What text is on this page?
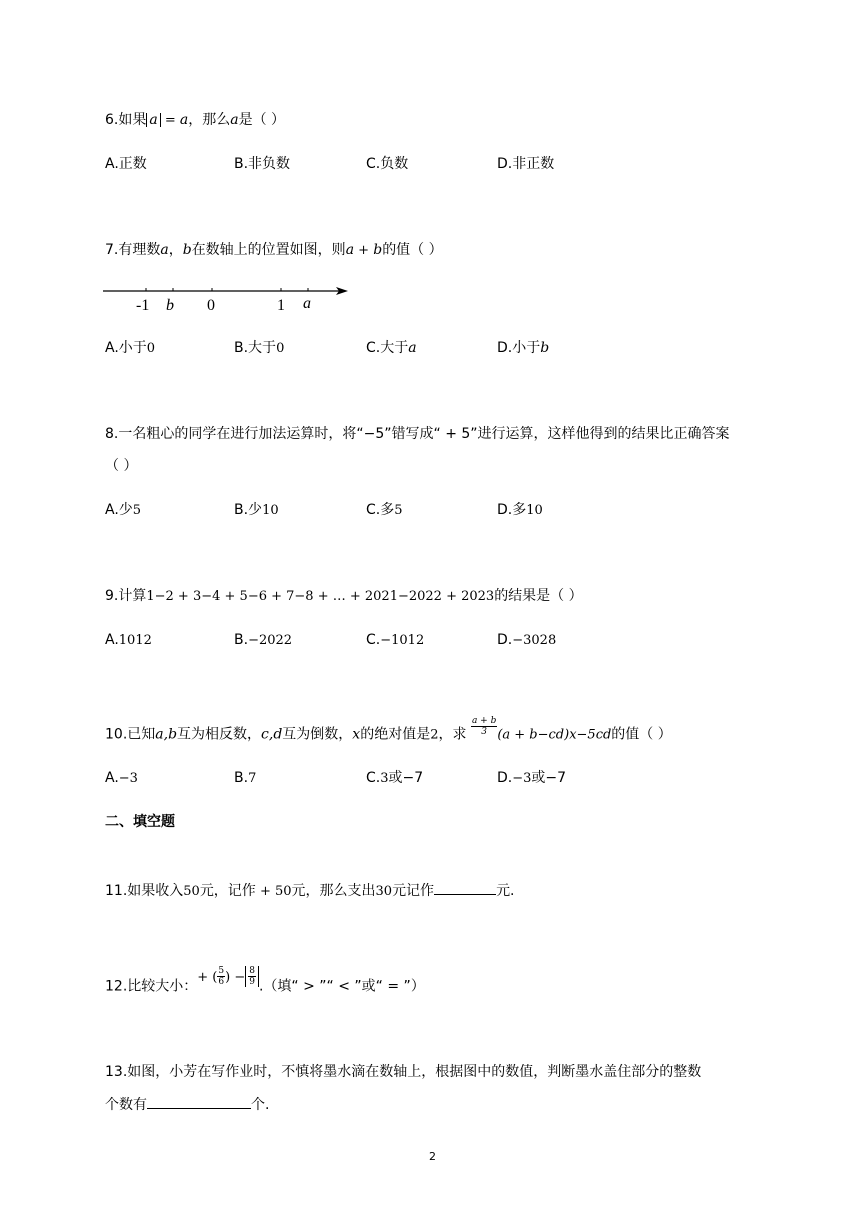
6.如果 a = a，那么a是（ ）
A.正数	B.非负数	C.负数	D.非正数
7.有理数a，b在数轴上的位置如图，则a + b的值（ ）
-1 b 0	1 a
A.小于0	B.大于0	C.大于a	D.小于b
8.一名粗心的同学在进行加法运算时，将“−5”错写成“ + 5”进行运算，这样他得到的结果比正确答案
（ ）
A.少5	B.少10	C.多5	D.多10
9.计算1−2 + 3−4 + 5−6 + 7−8 + … + 2021−2022 + 2023的结果是（ ）
A.1012	B.−2022	C.−1012	D.−3028
10.已知a,b互为相反数，c,d互为倒数，x的绝对值是2，求 $\frac{a + b}{3} (a + b-cd)x-5cd$的值（ ）
A.−3	B.7	C.3或−7	D.−3或−7
二、填空题
11.如果收入50元，记作 + 50元，那么支出30元记作	元.
12.比较大小：+ ( $\frac{5}{6}$ ) − $\frac{8}{9}$ .（填“ > ”“ < ”或“ = ”）
13.如图，小芳在写作业时，不慎将墨水滴在数轴上，根据图中的数值，判断墨水盖住部分的整数
个数有	个.
2
